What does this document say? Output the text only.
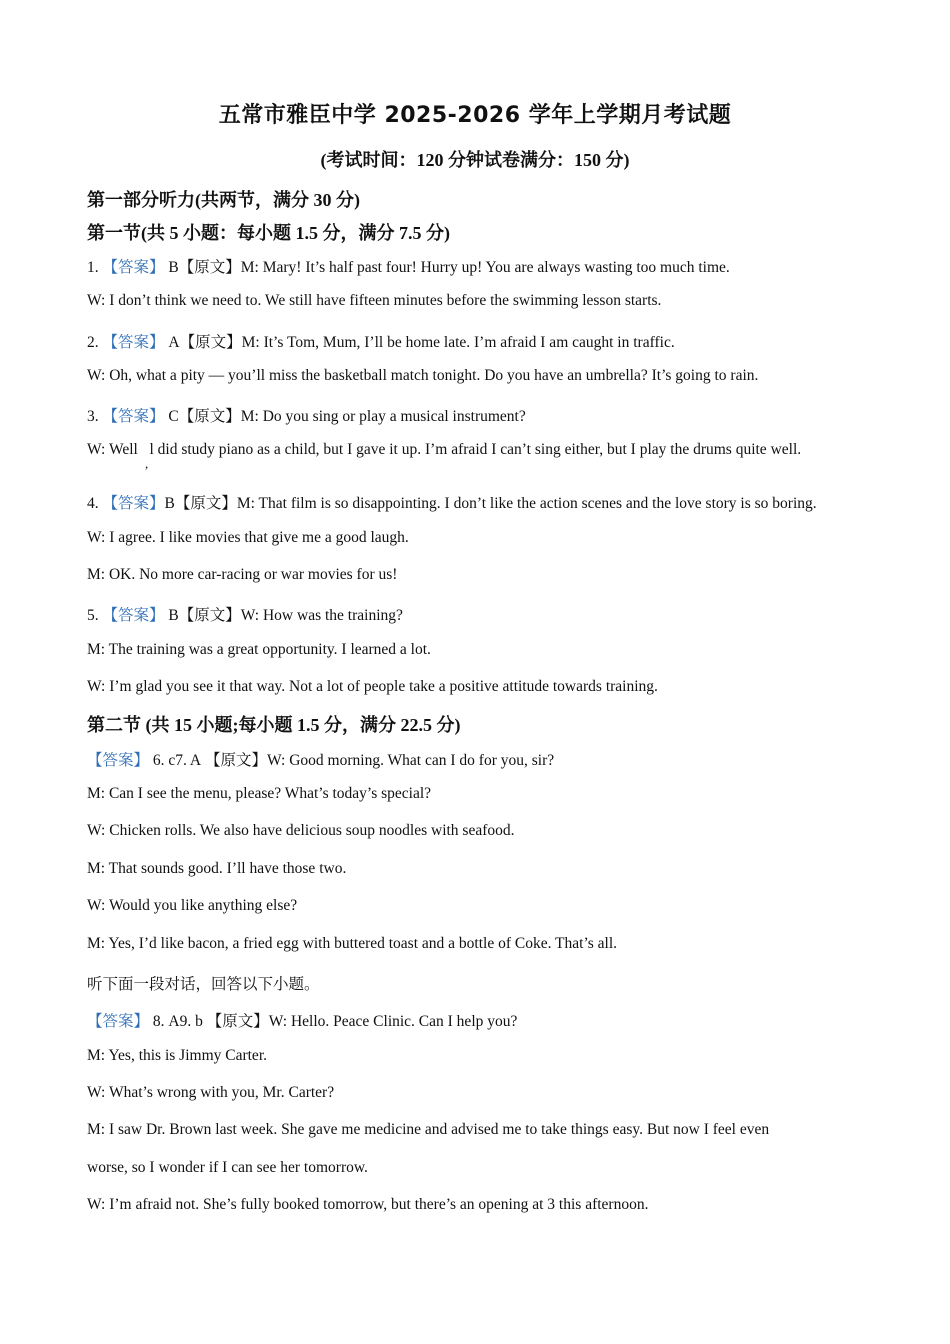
五常市雅臣中学 2025-2026 学年上学期月考试题
(考试时间：120 分钟试卷满分：150 分)
第一部分听力(共两节，满分 30 分)
第一节(共 5 小题：每小题 1.5 分，满分 7.5 分)
1. 【答案】 B【原文】M: Mary! It’s half past four! Hurry up! You are always wasting too much time.
W: I don’t think we need to. We still have fifteen minutes before the swimming lesson starts.
2. 【答案】 A【原文】M: It’s Tom, Mum, I’ll be home late. I’m afraid I am caught in traffic.
W: Oh, what a pity — you’ll miss the basketball match tonight. Do you have an umbrella? It’s going to rain.
3. 【答案】 C【原文】M: Do you sing or play a musical instrument?
W: Well l did study piano as a child, but I gave it up. I’m afraid I can’t sing either, but I play the drums quite well.
,
4. 【答案】B【原文】M: That film is so disappointing. I don’t like the action scenes and the love story is so boring.
W: I agree. I like movies that give me a good laugh.
M: OK. No more car-racing or war movies for us!
5. 【答案】 B【原文】W: How was the training?
M: The training was a great opportunity. I learned a lot.
W: I’m glad you see it that way. Not a lot of people take a positive attitude towards training.
第二节 (共 15 小题;每小题 1.5 分，满分 22.5 分)
【答案】 6. c7. A 【原文】W: Good morning. What can I do for you, sir?
M: Can I see the menu, please? What’s today’s special?
W: Chicken rolls. We also have delicious soup noodles with seafood.
M: That sounds good. I’ll have those two.
W: Would you like anything else?
M: Yes, I’d like bacon, a fried egg with buttered toast and a bottle of Coke. That’s all.
听下面一段对话，回答以下小题。
【答案】 8. A9. b 【原文】W: Hello. Peace Clinic. Can I help you?
M: Yes, this is Jimmy Carter.
W: What’s wrong with you, Mr. Carter?
M: I saw Dr. Brown last week. She gave me medicine and advised me to take things easy. But now I feel even
worse, so I wonder if I can see her tomorrow.
W: I’m afraid not. She’s fully booked tomorrow, but there’s an opening at 3 this afternoon.
